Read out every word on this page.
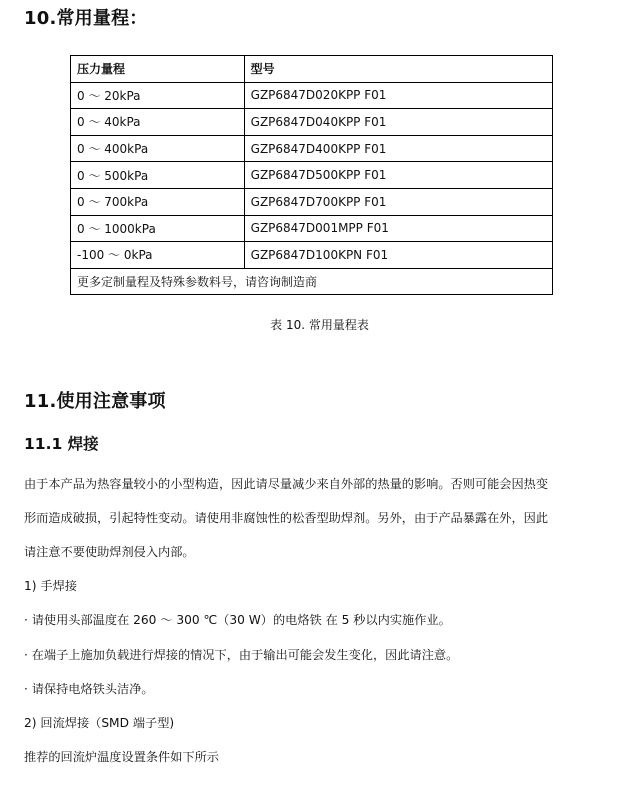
10.常用量程：
压力量程	型号
0 ～ 20kPa	GZP6847D020KPP F01
0 ～ 40kPa	GZP6847D040KPP F01
0 ～ 400kPa	GZP6847D400KPP F01
0 ～ 500kPa	GZP6847D500KPP F01
0 ～ 700kPa	GZP6847D700KPP F01
0 ～ 1000kPa	GZP6847D001MPP F01
-100 ～ 0kPa	GZP6847D100KPN F01
更多定制量程及特殊参数料号，请咨询制造商	
表 10. 常用量程表
11.使用注意事项
11.1 焊接
由于本产品为热容量较小的小型构造，因此请尽量减少来自外部的热量的影响。否则可能会因热变
形而造成破损，引起特性变动。请使用非腐蚀性的松香型助焊剂。另外，由于产品暴露在外，因此
请注意不要使助焊剂侵入内部。
1) 手焊接
· 请使用头部温度在 260 ～ 300 ℃（30 W）的电烙铁 在 5 秒以内实施作业。
· 在端子上施加负载进行焊接的情况下，由于输出可能会发生变化，因此请注意。
· 请保持电烙铁头洁净。
2) 回流焊接（SMD 端子型)
推荐的回流炉温度设置条件如下所示
